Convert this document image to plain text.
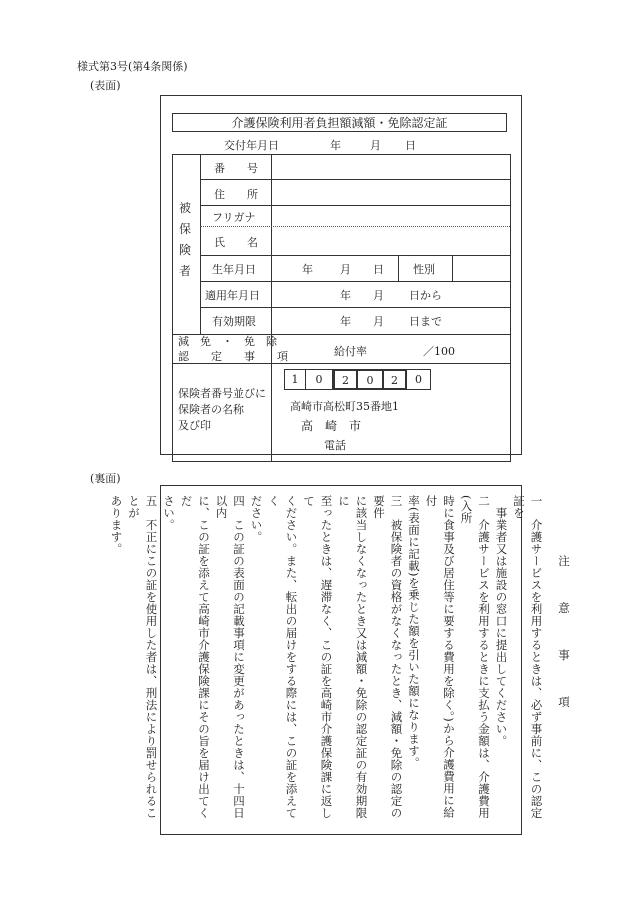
様式第3号(第4条関係)
(表面)
介護保険利用者負担額減額・免除認定証
交付年月日	年	月 日
被
保
険
者
番　　号
住　　所
フリガナ
氏　　名
生年月日	年 月 日	性別
適用年月日	年 月 日から
有効期限	年 月 日まで
減　免　・　免　除
認　　定　　事　　項	給付率	／100
保険者番号並びに
保険者の名称
及び印
1	0	2	0	2	0
高崎市高松町35番地1
高　崎　市
電話
(裏面)
注　意　事　項
一　介護サービスを利用するときは、必ず事前に、この認定証を
事業者又は施設の窓口に提出してください。
二　介護サービスを利用するときに支払う金額は、介護費用(入所
時に食事及び居住等に要する費用を除く。)から介護費用に給付
率(表面に記載)を乗じた額を引いた額になります。
三　被保険者の資格がなくなったとき、減額・免除の認定の要件
に該当しなくなったとき又は減額・免除の認定証の有効期限に
至ったときは、遅滞なく、この証を高崎市介護保険課に返して
ください。また、転出の届けをする際には、この証を添えてく
ださい。
四　この証の表面の記載事項に変更があったときは、十四日以内
に、この証を添えて高崎市介護保険課にその旨を届け出てくだ
さい。
五　不正にこの証を使用した者は、刑法により罰せられることが
あります。
